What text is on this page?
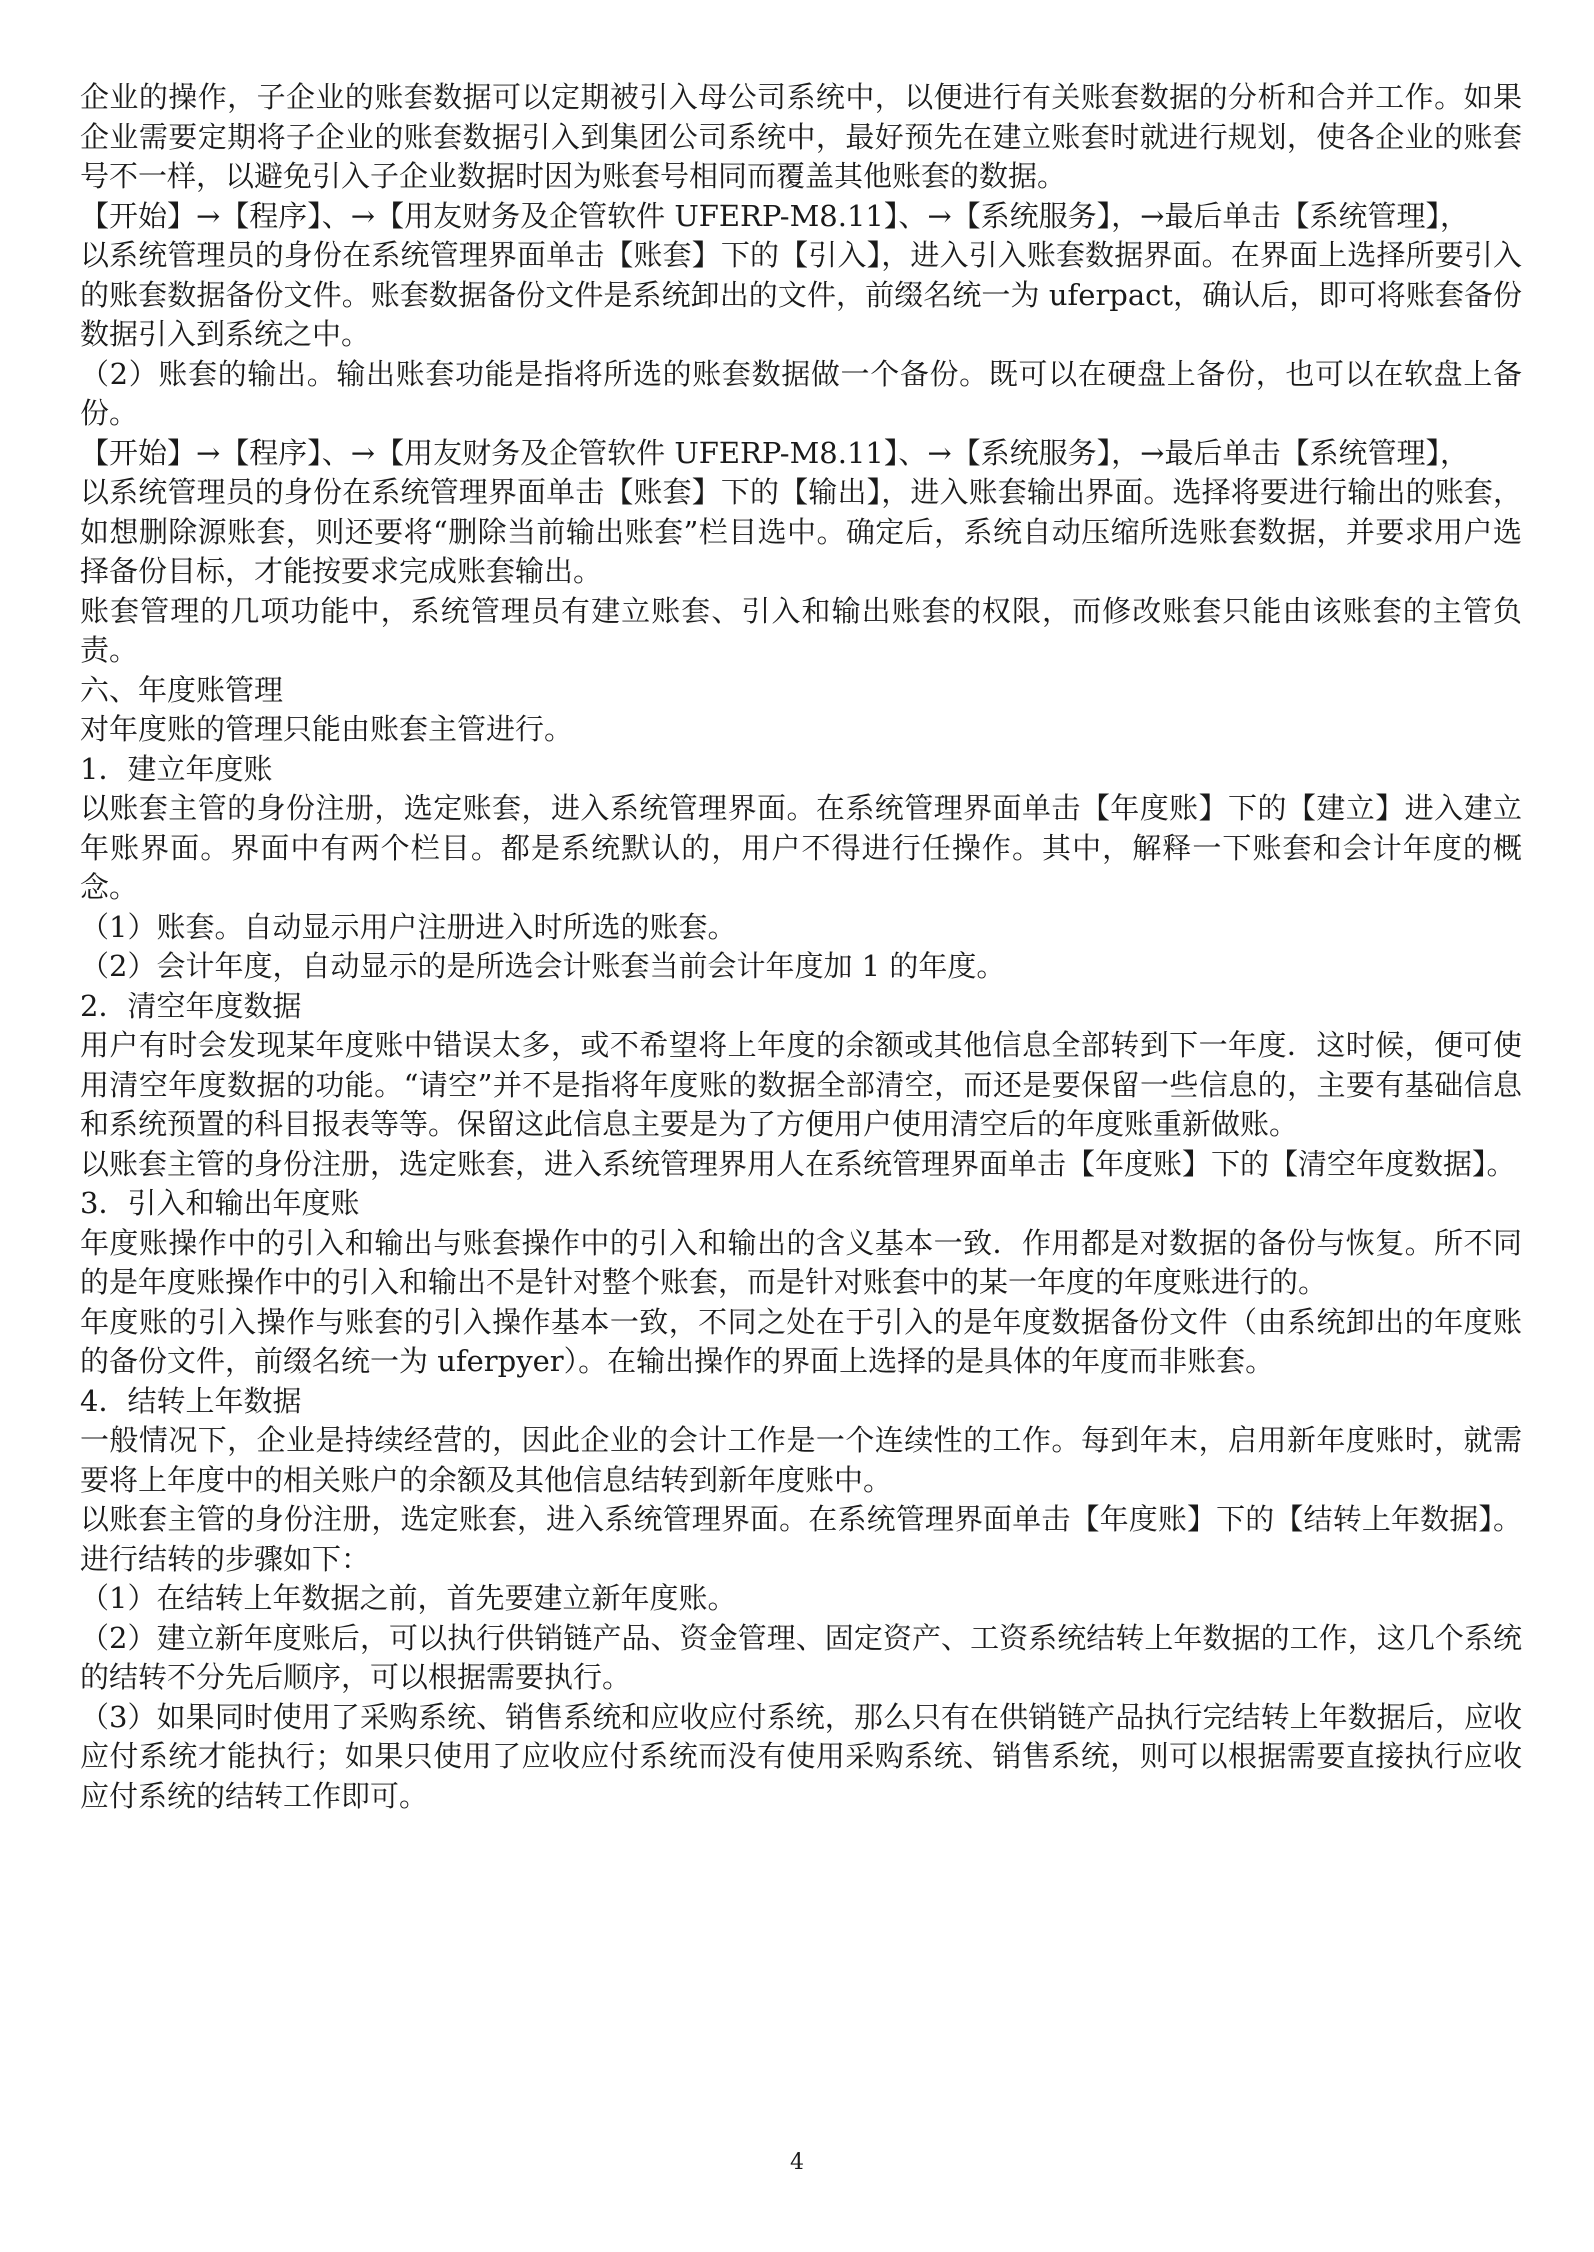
企业的操作，子企业的账套数据可以定期被引入母公司系统中，以便进行有关账套数据的分析和合并工作。如果企业需要定期将子企业的账套数据引入到集团公司系统中，最好预先在建立账套时就进行规划，使各企业的账套号不一样，以避免引入子企业数据时因为账套号相同而覆盖其他账套的数据。

【开始】→【程序】、→【用友财务及企管软件 UFERP-M8.11】、→【系统服务】，→最后单击【系统管理】，

以系统管理员的身份在系统管理界面单击【账套】下的【引入】，进入引入账套数据界面。在界面上选择所要引入的账套数据备份文件。账套数据备份文件是系统卸出的文件，前缀名统一为 uferpact，确认后，即可将账套备份数据引入到系统之中。

（2）账套的输出。输出账套功能是指将所选的账套数据做一个备份。既可以在硬盘上备份，也可以在软盘上备份。

【开始】→【程序】、→【用友财务及企管软件 UFERP-M8.11】、→【系统服务】，→最后单击【系统管理】，

以系统管理员的身份在系统管理界面单击【账套】下的【输出】，进入账套输出界面。选择将要进行输出的账套，如想删除源账套，则还要将“删除当前输出账套”栏目选中。确定后，系统自动压缩所选账套数据，并要求用户选择备份目标，才能按要求完成账套输出。

账套管理的几项功能中，系统管理员有建立账套、引入和输出账套的权限，而修改账套只能由该账套的主管负责。

六、年度账管理

对年度账的管理只能由账套主管进行。

1．建立年度账

以账套主管的身份注册，选定账套，进入系统管理界面。在系统管理界面单击【年度账】下的【建立】进入建立年账界面。界面中有两个栏目。都是系统默认的，用户不得进行任操作。其中，解释一下账套和会计年度的概念。

（1）账套。自动显示用户注册进入时所选的账套。

（2）会计年度，自动显示的是所选会计账套当前会计年度加 1 的年度。

2．清空年度数据

用户有时会发现某年度账中错误太多，或不希望将上年度的余额或其他信息全部转到下一年度．这时候，便可使用清空年度数据的功能。“请空”并不是指将年度账的数据全部清空，而还是要保留一些信息的，主要有基础信息和系统预置的科目报表等等。保留这此信息主要是为了方便用户使用清空后的年度账重新做账。

以账套主管的身份注册，选定账套，进入系统管理界用人在系统管理界面单击【年度账】下的【清空年度数据】。

3．引入和输出年度账

年度账操作中的引入和输出与账套操作中的引入和输出的含义基本一致．作用都是对数据的备份与恢复。所不同的是年度账操作中的引入和输出不是针对整个账套，而是针对账套中的某一年度的年度账进行的。

年度账的引入操作与账套的引入操作基本一致，不同之处在于引入的是年度数据备份文件（由系统卸出的年度账的备份文件，前缀名统一为 uferpyer）。在输出操作的界面上选择的是具体的年度而非账套。

4．结转上年数据

一般情况下，企业是持续经营的，因此企业的会计工作是一个连续性的工作。每到年末，启用新年度账时，就需要将上年度中的相关账户的余额及其他信息结转到新年度账中。

以账套主管的身份注册，选定账套，进入系统管理界面。在系统管理界面单击【年度账】下的【结转上年数据】。进行结转的步骤如下：

（1）在结转上年数据之前，首先要建立新年度账。

（2）建立新年度账后，可以执行供销链产品、资金管理、固定资产、工资系统结转上年数据的工作，这几个系统的结转不分先后顺序，可以根据需要执行。

（3）如果同时使用了采购系统、销售系统和应收应付系统，那么只有在供销链产品执行完结转上年数据后，应收应付系统才能执行；如果只使用了应收应付系统而没有使用采购系统、销售系统，则可以根据需要直接执行应收应付系统的结转工作即可。

4
